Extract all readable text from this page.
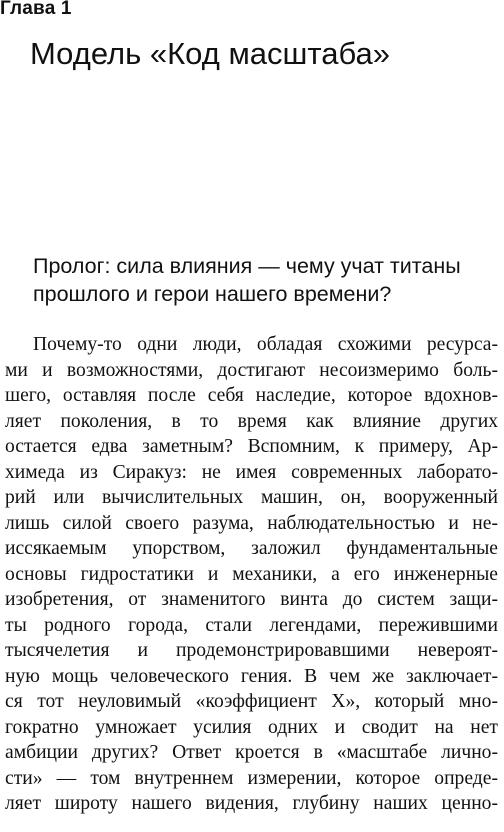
Глава 1
Модель «Код масштаба»
Пролог: сила влияния — чему учат титаны
прошлого и герои нашего времени?
Почему-то одни люди, обладая схожими ресурса-
ми и возможностями, достигают несоизмеримо боль-
шего, оставляя после себя наследие, которое вдохнов-
ляет поколения, в то время как влияние других
остается едва заметным? Вспомним, к примеру, Ар-
химеда из Сиракуз: не имея современных лаборато-
рий или вычислительных машин, он, вооруженный
лишь силой своего разума, наблюдательностью и не-
иссякаемым упорством, заложил фундаментальные
основы гидростатики и механики, а его инженерные
изобретения, от знаменитого винта до систем защи-
ты родного города, стали легендами, пережившими
тысячелетия и продемонстрировавшими невероят-
ную мощь человеческого гения. В чем же заключает-
ся тот неуловимый «коэффициент X», который мно-
гократно умножает усилия одних и сводит на нет
амбиции других? Ответ кроется в «масштабе лично-
сти» — том внутреннем измерении, которое опреде-
ляет широту нашего видения, глубину наших ценно-
